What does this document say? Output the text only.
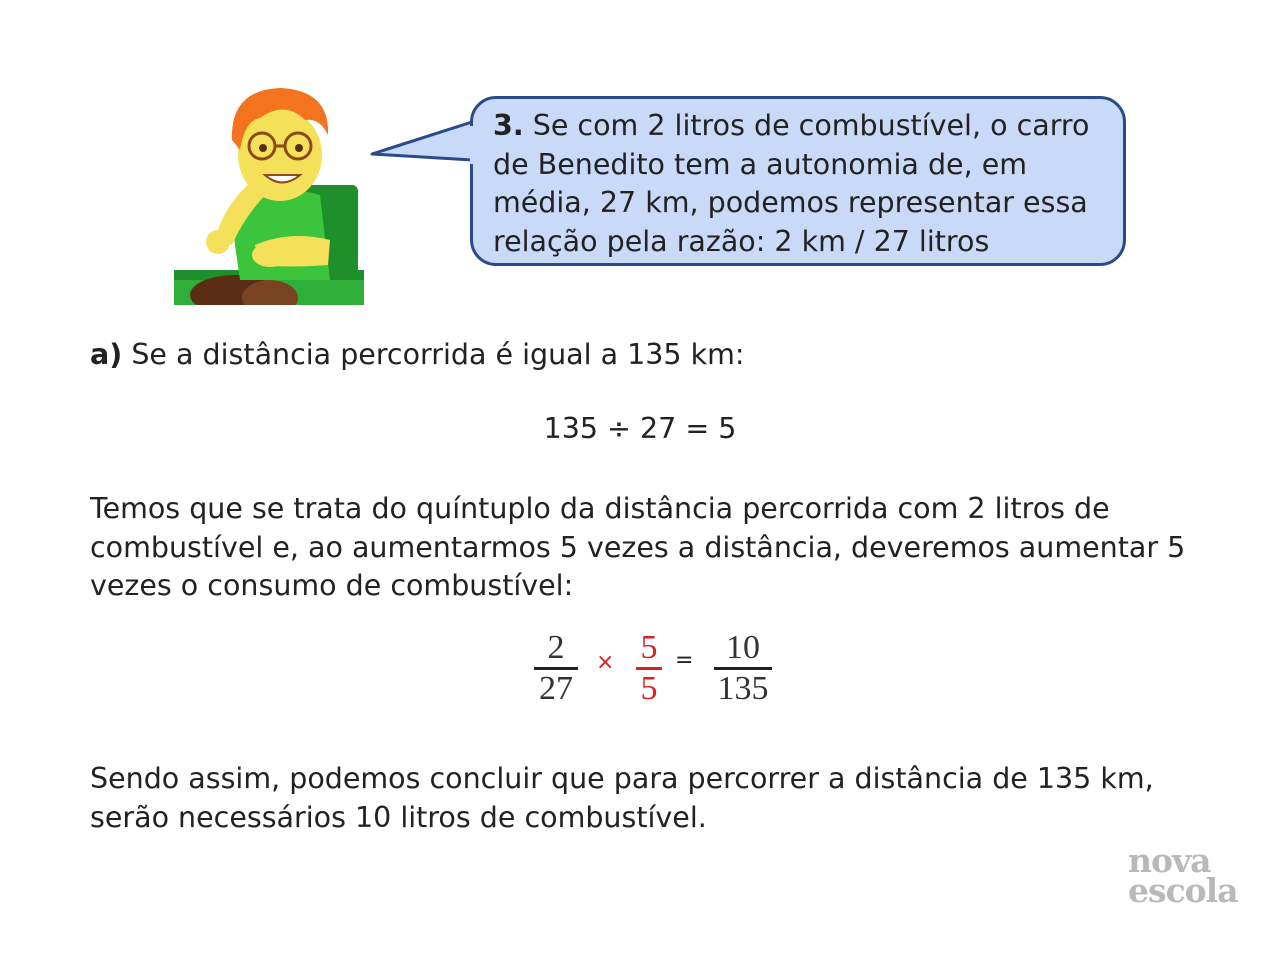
3. Se com 2 litros de combustível, o carro de Benedito tem a autonomia de, em média, 27 km, podemos representar essa relação pela razão: 2 km / 27 litros
a) Se a distância percorrida é igual a 135 km:
135 ÷ 27 = 5
Temos que se trata do quíntuplo da distância percorrida com 2 litros de combustível e, ao aumentarmos 5 vezes a distância, deveremos aumentar 5 vezes o consumo de combustível:
2
27
× 5
5
= 10
135
Sendo assim, podemos concluir que para percorrer a distância de 135 km, serão necessários 10 litros de combustível.
nova
escola
